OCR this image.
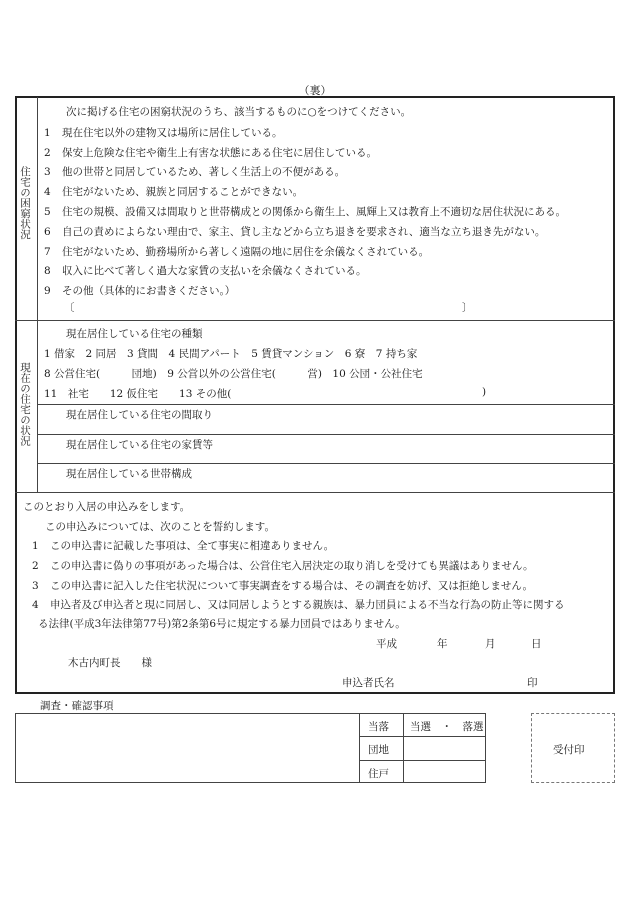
（裏）
住宅の困窮状況
次に掲げる住宅の困窮状況のうち、該当するものに○をつけてください。
1 現在住宅以外の建物又は場所に居住している。
2 保安上危険な住宅や衛生上有害な状態にある住宅に居住している。
3 他の世帯と同居しているため、著しく生活上の不便がある。
4 住宅がないため、親族と同居することができない。
5 住宅の規模、設備又は間取りと世帯構成との関係から衛生上、風輝上又は教育上不適切な居住状況にある。
6 自己の責めによらない理由で、家主、貸し主などから立ち退きを要求され、適当な立ち退き先がない。
7 住宅がないため、勤務場所から著しく遠隔の地に居住を余儀なくされている。
8 収入に比べて著しく過大な家賃の支払いを余儀なくされている。
9 その他（具体的にお書きください。）
〔	〕
現在の住宅の状況
現在居住している住宅の種類
1 借家　2 同居　3 貸間　4 民間アパート　5 賃貸マンション　6 寮　7 持ち家
8 公営住宅(　　　団地)　9 公営以外の公営住宅(　　　営)　10 公団・公社住宅
11　社宅　　12 仮住宅　　13 その他(	)
現在居住している住宅の間取り
現在居住している住宅の家賃等
現在居住している世帯構成
このとおり入居の申込みをします。
この申込みについては、次のことを誓約します。
1 この申込書に記載した事項は、全て事実に相違ありません。
2 この申込書に偽りの事項があった場合は、公営住宅入居決定の取り消しを受けても異議はありません。
3 この申込書に記入した住宅状況について事実調査をする場合は、その調査を妨げ、又は拒絶しません。
4 申込者及び申込者と現に同居し、又は同居しようとする親族は、暴力団員による不当な行為の防止等に関する
る法律(平成3年法律第77号)第2条第6号に規定する暴力団員ではありません。
平成	年	月	日
木古内町長　　様
申込者氏名	印
調査・確認事項
当落 当選　・　落選
団地
住戸
受付印
